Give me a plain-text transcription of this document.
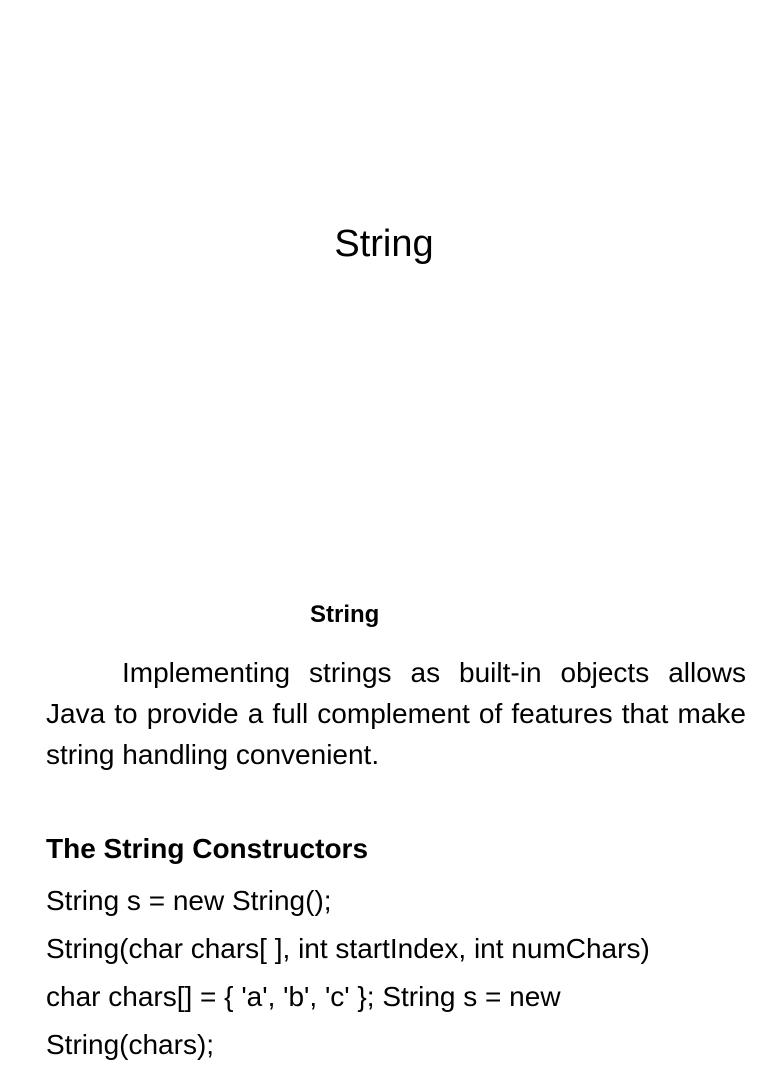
String
String

Implementing strings as built-in objects allows Java to provide a full complement of features that make string handling convenient.

The String Constructors
String s = new String();
String(char chars[ ], int startIndex, int numChars)
char chars[] = { 'a', 'b', 'c' }; String s = new String(chars);
